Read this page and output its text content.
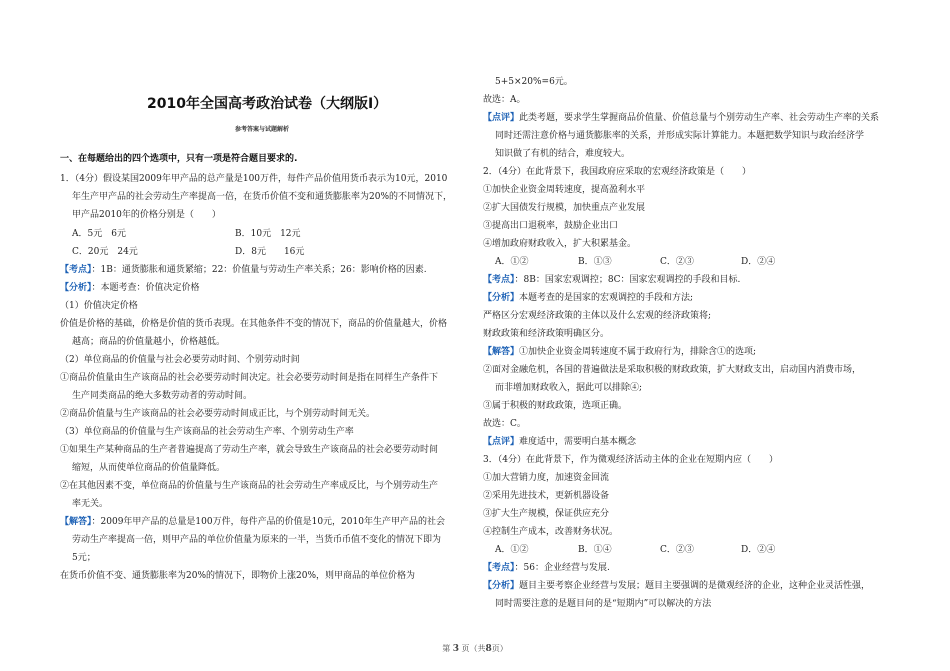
2010年全国高考政治试卷（大纲版Ⅰ）
参考答案与试题解析
一、在每题给出的四个选项中，只有一项是符合题目要求的.
1．（4分）假设某国2009年甲产品的总产量是100万件，每件产品价值用货币表示为10元，2010
年生产甲产品的社会劳动生产率提高一倍，在货币价值不变和通货膨胀率为20%的不同情况下，
甲产品2010年的价格分别是（　　）
A．5元　6元	B．10元　12元
C．20元　24元	D．8元　　16元
【考点】：1B：通货膨胀和通货紧缩；22：价值量与劳动生产率关系；26：影响价格的因素.
【分析】：本题考查：价值决定价格
（1）价值决定价格
价值是价格的基础，价格是价值的货币表现。在其他条件不变的情况下，商品的价值量越大，价格
越高；商品的价值量越小，价格越低。
（2）单位商品的价值量与社会必要劳动时间、个别劳动时间
①商品价值量由生产该商品的社会必要劳动时间决定。社会必要劳动时间是指在同样生产条件下
生产同类商品的绝大多数劳动者的劳动时间。
②商品价值量与生产该商品的社会必要劳动时间成正比，与个别劳动时间无关。
（3）单位商品的价值量与生产该商品的社会劳动生产率、个别劳动生产率
①如果生产某种商品的生产者普遍提高了劳动生产率，就会导致生产该商品的社会必要劳动时间
缩短，从而使单位商品的价值量降低。
②在其他因素不变，单位商品的价值量与生产该商品的社会劳动生产率成反比，与个别劳动生产
率无关。
【解答】：2009年甲产品的总量是100万件，每件产品的价值是10元，2010年生产甲产品的社会
劳动生产率提高一倍，则甲产品的单位价值量为原来的一半，当货币币值不变化的情况下即为
5元；
在货币价值不变、通货膨胀率为20%的情况下，即物价上涨20%，则甲商品的单位价格为
5+5×20%=6元。
故选：A。
【点评】此类考题，要求学生掌握商品价值量、价值总量与个别劳动生产率、社会劳动生产率的关系
同时还需注意价格与通货膨胀率的关系，并形成实际计算能力。本题把数学知识与政治经济学
知识做了有机的结合，难度较大。
2．（4分）在此背景下，我国政府应采取的宏观经济政策是（　　）
①加快企业资金周转速度，提高盈利水平
②扩大国债发行规模，加快重点产业发展
③提高出口退税率，鼓励企业出口
④增加政府财政收入，扩大积累基金。
A．①②	B．①③	C．②③	D．②④
【考点】：8B：国家宏观调控；8C：国家宏观调控的手段和目标.
【分析】本题考查的是国家的宏观调控的手段和方法;
严格区分宏观经济政策的主体以及什么宏观的经济政策将;
财政政策和经济政策明确区分。
【解答】①加快企业资金周转速度不属于政府行为，排除含①的选项;
②面对金融危机，各国的普遍做法是采取积极的财政政策，扩大财政支出，启动国内消费市场，
而非增加财政收入，据此可以排除④;
③属于积极的财政政策，选项正确。
故选：C。
【点评】难度适中，需要明白基本概念
3．（4分）在此背景下，作为微观经济活动主体的企业在短期内应（　　）
①加大营销力度，加速资金回流
②采用先进技术，更新机器设备
③扩大生产规模，保证供应充分
④控制生产成本，改善财务状况。
A．①②	B．①④	C．②③	D．②④
【考点】：56：企业经营与发展.
【分析】题目主要考察企业经营与发展；题目主要强调的是微观经济的企业，这种企业灵活性强，
同时需要注意的是题目问的是“短期内”可以解决的方法
第 3 页（共8页）
